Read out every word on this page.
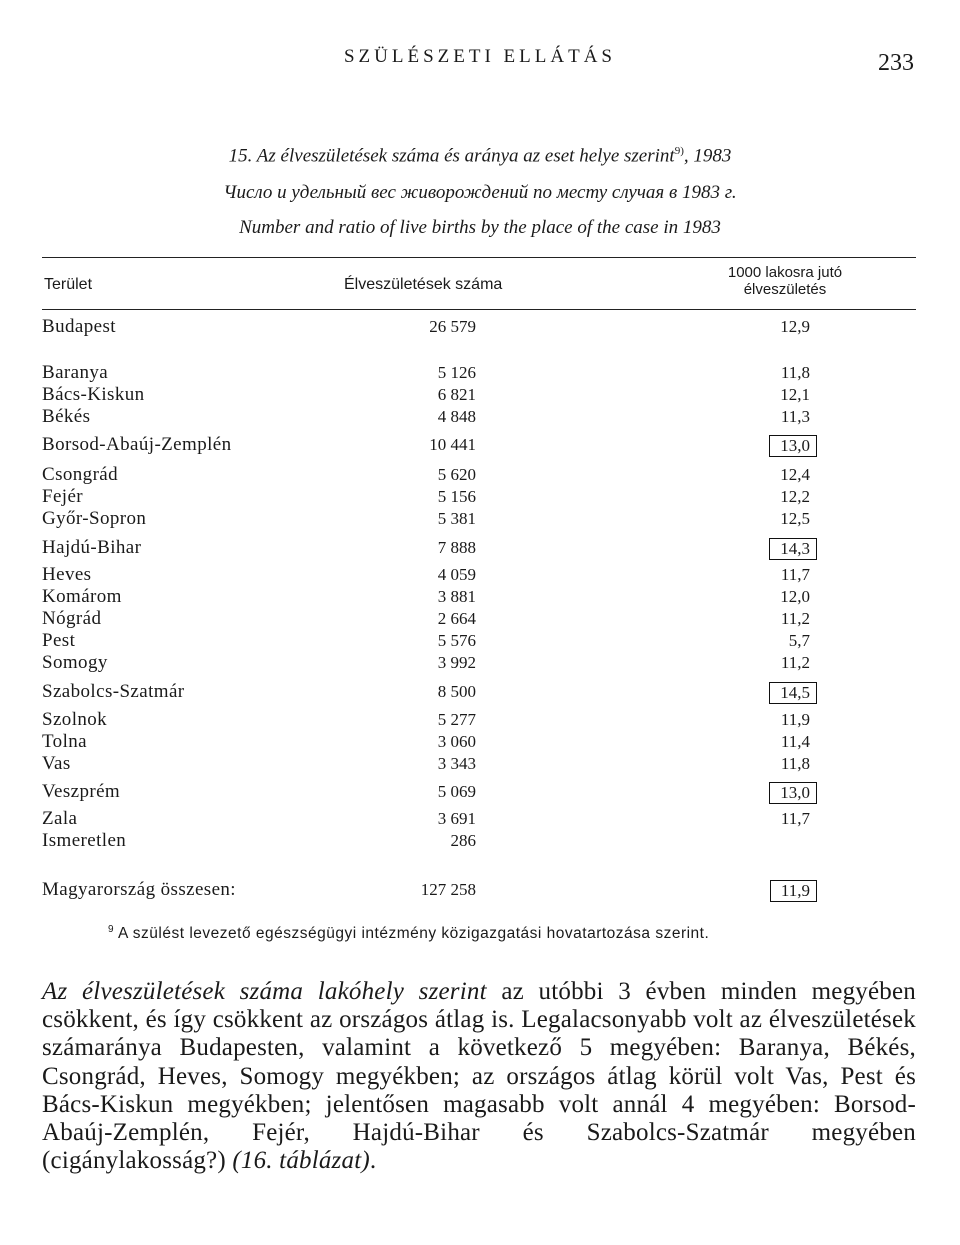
SZÜLÉSZETI ELLÁTÁS	233
15. Az élveszületések száma és aránya az eset helye szerint$^{9)}$, 1983
Число и удельный вес живорождений по месту случая в 1983 г.
Number and ratio of live births by the place of the case in 1983
Terület	Élveszületések száma
1000 lakosra jutó
élveszületés
Budapest	26 579	12,9
Baranya	5 126	11,8
Bács-Kiskun	6 821	12,1
Békés	4 848	11,3
Borsod-Abaúj-Zemplén	10 441	13,0
Csongrád	5 620	12,4
Fejér	5 156	12,2
Győr-Sopron	5 381	12,5
Hajdú-Bihar	7 888	14,3
Heves	4 059	11,7
Komárom	3 881	12,0
Nógrád	2 664	11,2
Pest	5 576	5,7
Somogy	3 992	11,2
Szabolcs-Szatmár	8 500	14,5
Szolnok	5 277	11,9
Tolna	3 060	11,4
Vas	3 343	11,8
Veszprém	5 069	13,0
Zala	3 691	11,7
Ismeretlen	286
Magyarország összesen:	127 258	11,9
$^9$ A szülést levezető egészségügyi intézmény közigazgatási hovatartozása szerint.
Az élveszületések száma lakóhely szerint az utóbbi 3 évben minden megyében csökkent, és így csökkent az országos átlag is. Legalacsonyabb volt az élveszületések számaránya Budapesten, valamint a következő 5 megyében: Baranya, Békés, Csongrád, Heves, Somogy megyékben; az országos átlag körül volt Vas, Pest és Bács-Kiskun megyékben; jelentősen magasabb volt annál 4 megyében: Borsod-Abaúj-Zemplén, Fejér, Hajdú-Bihar és Szabolcs-Szatmár megyében (cigánylakosság?) (16. táblázat).
